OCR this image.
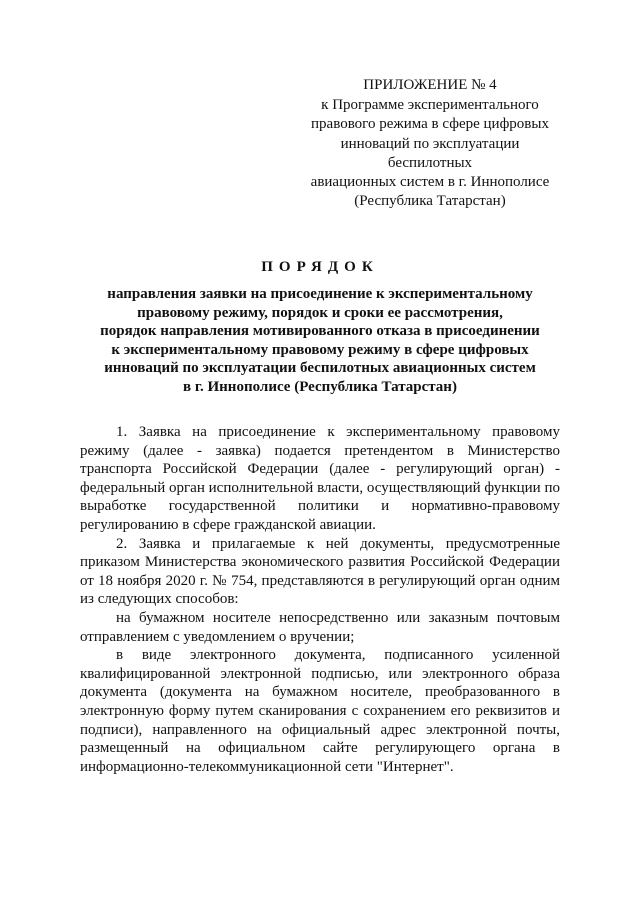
ПРИЛОЖЕНИЕ № 4
к Программе экспериментального
правового режима в сфере цифровых
инноваций по эксплуатации беспилотных
авиационных систем в г. Иннополисе
(Республика Татарстан)
ПОРЯДОК
направления заявки на присоединение к экспериментальному
правовому режиму, порядок и сроки ее рассмотрения,
порядок направления мотивированного отказа в присоединении
к экспериментальному правовому режиму в сфере цифровых
инноваций по эксплуатации беспилотных авиационных систем
в г. Иннополисе (Республика Татарстан)

1. Заявка на присоединение к экспериментальному правовому режиму (далее - заявка) подается претендентом в Министерство транспорта Российской Федерации (далее - регулирующий орган) - федеральный орган исполнительной власти, осуществляющий функции по выработке государственной политики и нормативно-правовому регулированию в сфере гражданской авиации.

2. Заявка и прилагаемые к ней документы, предусмотренные приказом Министерства экономического развития Российской Федерации от 18 ноября 2020 г. № 754, представляются в регулирующий орган одним из следующих способов:

на бумажном носителе непосредственно или заказным почтовым отправлением с уведомлением о вручении;

в виде электронного документа, подписанного усиленной квалифицированной электронной подписью, или электронного образа документа (документа на бумажном носителе, преобразованного в электронную форму путем сканирования с сохранением его реквизитов и подписи), направленного на официальный адрес электронной почты, размещенный на официальном сайте регулирующего органа в информационно-телекоммуникационной сети "Интернет".
